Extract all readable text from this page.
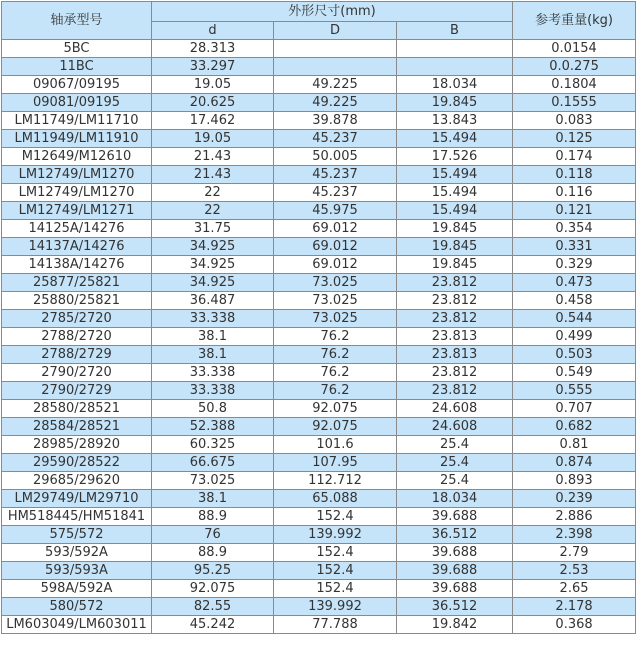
轴承型号	外形尺寸(mm)			参考重量(kg)
	d	D	B	
5BC	28.313			0.0154
11BC	33.297			0.0.275
09067/09195	19.05	49.225	18.034	0.1804
09081/09195	20.625	49.225	19.845	0.1555
LM11749/LM11710	17.462	39.878	13.843	0.083
LM11949/LM11910	19.05	45.237	15.494	0.125
M12649/M12610	21.43	50.005	17.526	0.174
LM12749/LM1270	21.43	45.237	15.494	0.118
LM12749/LM1270	22	45.237	15.494	0.116
LM12749/LM1271	22	45.975	15.494	0.121
14125A/14276	31.75	69.012	19.845	0.354
14137A/14276	34.925	69.012	19.845	0.331
14138A/14276	34.925	69.012	19.845	0.329
25877/25821	34.925	73.025	23.812	0.473
25880/25821	36.487	73.025	23.812	0.458
2785/2720	33.338	73.025	23.812	0.544
2788/2720	38.1	76.2	23.813	0.499
2788/2729	38.1	76.2	23.813	0.503
2790/2720	33.338	76.2	23.812	0.549
2790/2729	33.338	76.2	23.812	0.555
28580/28521	50.8	92.075	24.608	0.707
28584/28521	52.388	92.075	24.608	0.682
28985/28920	60.325	101.6	25.4	0.81
29590/28522	66.675	107.95	25.4	0.874
29685/29620	73.025	112.712	25.4	0.893
LM29749/LM29710	38.1	65.088	18.034	0.239
HM518445/HM51841	88.9	152.4	39.688	2.886
575/572	76	139.992	36.512	2.398
593/592A	88.9	152.4	39.688	2.79
593/593A	95.25	152.4	39.688	2.53
598A/592A	92.075	152.4	39.688	2.65
580/572	82.55	139.992	36.512	2.178
LM603049/LM603011	45.242	77.788	19.842	0.368
